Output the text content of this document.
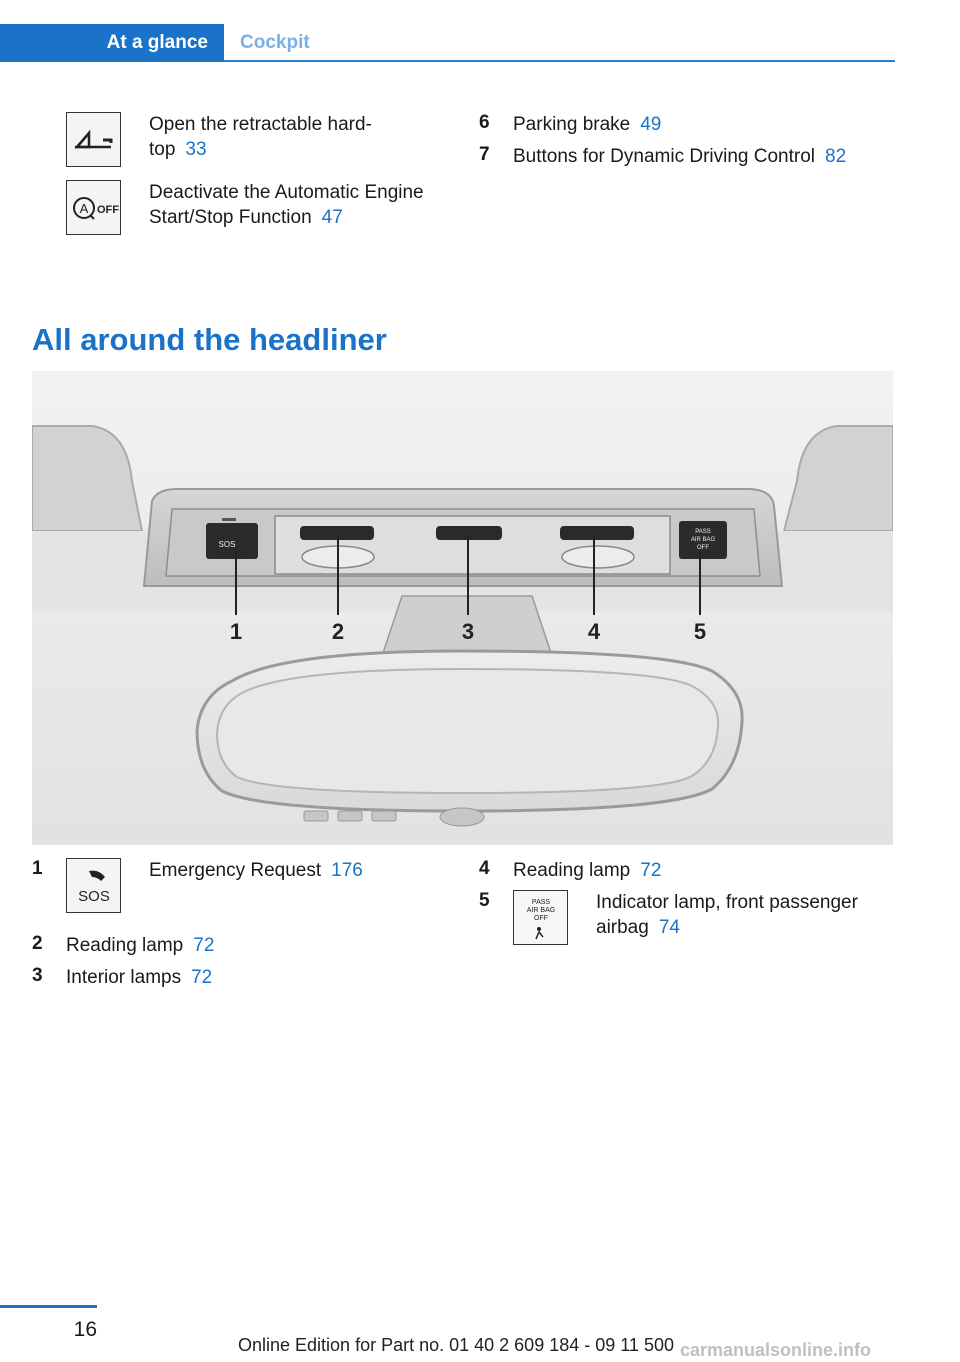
At a glance Cockpit
Open the retractable hard-
top 33
A OFF
Deactivate the Automatic Engine
Start/Stop Function 47
6 Parking brake 49
7 Buttons for Dynamic Driving Control 82
All around the headliner
SOS
PASS
AIR BAG
OFF
1	2	3	4	5
1
SOS
Emergency Request 176
2 Reading lamp 72
3 Interior lamps 72
4 Reading lamp 72
5	PASS
AIR BAG
OFF
Indicator lamp, front passenger
airbag 74
16
Online Edition for Part no. 01 40 2 609 184 - 09 11 500 carmanualsonline.info
